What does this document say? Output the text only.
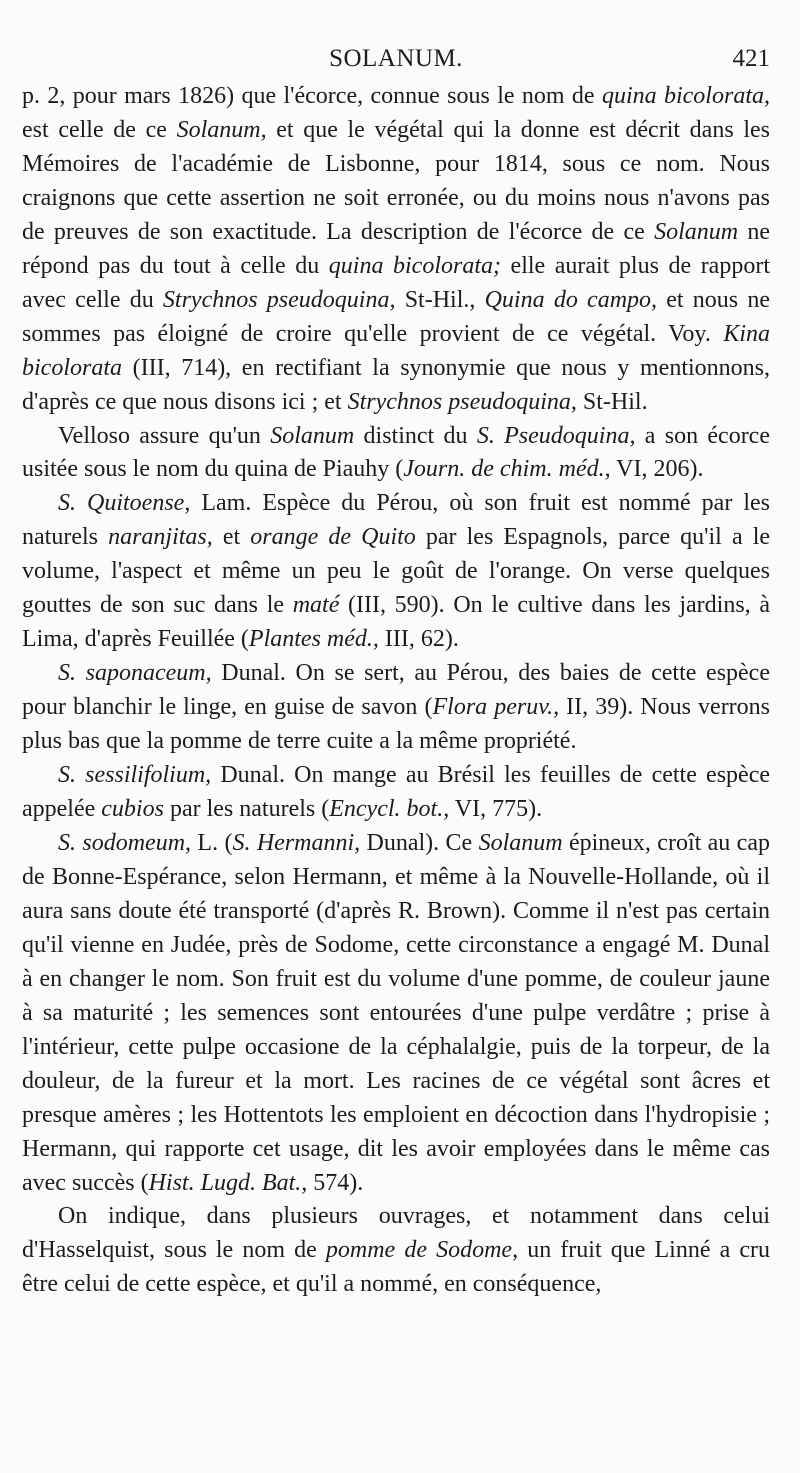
SOLANUM.	421

p. 2, pour mars 1826) que l'écorce, connue sous le nom de quina bicolorata, est celle de ce Solanum, et que le végétal qui la donne est décrit dans les Mémoires de l'académie de Lisbonne, pour 1814, sous ce nom. Nous craignons que cette assertion ne soit erronée, ou du moins nous n'avons pas de preuves de son exactitude. La description de l'écorce de ce Solanum ne répond pas du tout à celle du quina bicolorata; elle aurait plus de rapport avec celle du Strychnos pseudoquina, St-Hil., Quina do campo, et nous ne sommes pas éloigné de croire qu'elle provient de ce végétal. Voy. Kina bicolorata (III, 714), en rectifiant la synonymie que nous y mentionnons, d'après ce que nous disons ici ; et Strychnos pseudoquina, St-Hil.

Velloso assure qu'un Solanum distinct du S. Pseudoquina, a son écorce usitée sous le nom du quina de Piauhy (Journ. de chim. méd., VI, 206).

S. Quitoense, Lam. Espèce du Pérou, où son fruit est nommé par les naturels naranjitas, et orange de Quito par les Espagnols, parce qu'il a le volume, l'aspect et même un peu le goût de l'orange. On verse quelques gouttes de son suc dans le maté (III, 590). On le cultive dans les jardins, à Lima, d'après Feuillée (Plantes méd., III, 62).

S. saponaceum, Dunal. On se sert, au Pérou, des baies de cette espèce pour blanchir le linge, en guise de savon (Flora peruv., II, 39). Nous verrons plus bas que la pomme de terre cuite a la même propriété.

S. sessilifolium, Dunal. On mange au Brésil les feuilles de cette espèce appelée cubios par les naturels (Encycl. bot., VI, 775).

S. sodomeum, L. (S. Hermanni, Dunal). Ce Solanum épineux, croît au cap de Bonne-Espérance, selon Hermann, et même à la Nouvelle-Hollande, où il aura sans doute été transporté (d'après R. Brown). Comme il n'est pas certain qu'il vienne en Judée, près de Sodome, cette circonstance a engagé M. Dunal à en changer le nom. Son fruit est du volume d'une pomme, de couleur jaune à sa maturité ; les semences sont entourées d'une pulpe verdâtre ; prise à l'intérieur, cette pulpe occasione de la céphalalgie, puis de la torpeur, de la douleur, de la fureur et la mort. Les racines de ce végétal sont âcres et presque amères ; les Hottentots les emploient en décoction dans l'hydropisie ; Hermann, qui rapporte cet usage, dit les avoir employées dans le même cas avec succès (Hist. Lugd. Bat., 574).

On indique, dans plusieurs ouvrages, et notamment dans celui d'Hasselquist, sous le nom de pomme de Sodome, un fruit que Linné a cru être celui de cette espèce, et qu'il a nommé, en conséquence,
